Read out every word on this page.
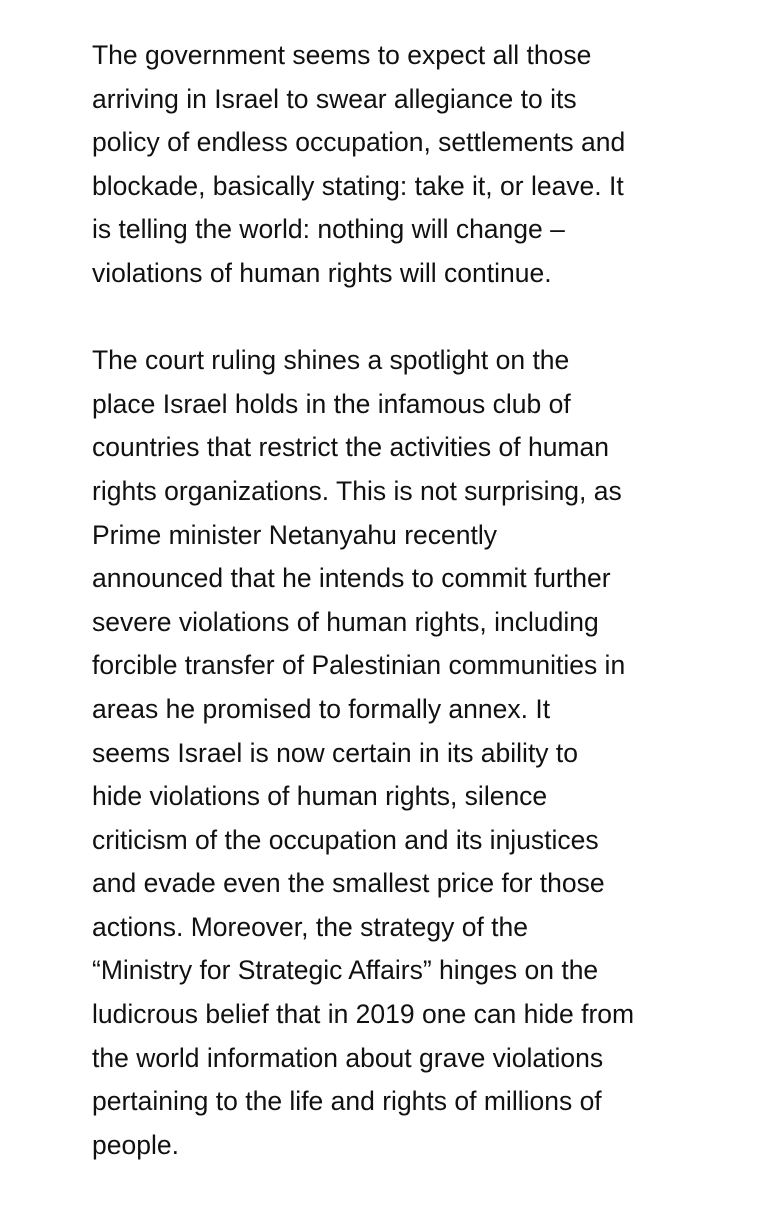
The government seems to expect all those
arriving in Israel to swear allegiance to its
policy of endless occupation, settlements and
blockade, basically stating: take it, or leave. It
is telling the world: nothing will change –
violations of human rights will continue.

The court ruling shines a spotlight on the
place Israel holds in the infamous club of
countries that restrict the activities of human
rights organizations. This is not surprising, as
Prime minister Netanyahu recently
announced that he intends to commit further
severe violations of human rights, including
forcible transfer of Palestinian communities in
areas he promised to formally annex. It
seems Israel is now certain in its ability to
hide violations of human rights, silence
criticism of the occupation and its injustices
and evade even the smallest price for those
actions. Moreover, the strategy of the
“Ministry for Strategic Affairs” hinges on the
ludicrous belief that in 2019 one can hide from
the world information about grave violations
pertaining to the life and rights of millions of
people.
